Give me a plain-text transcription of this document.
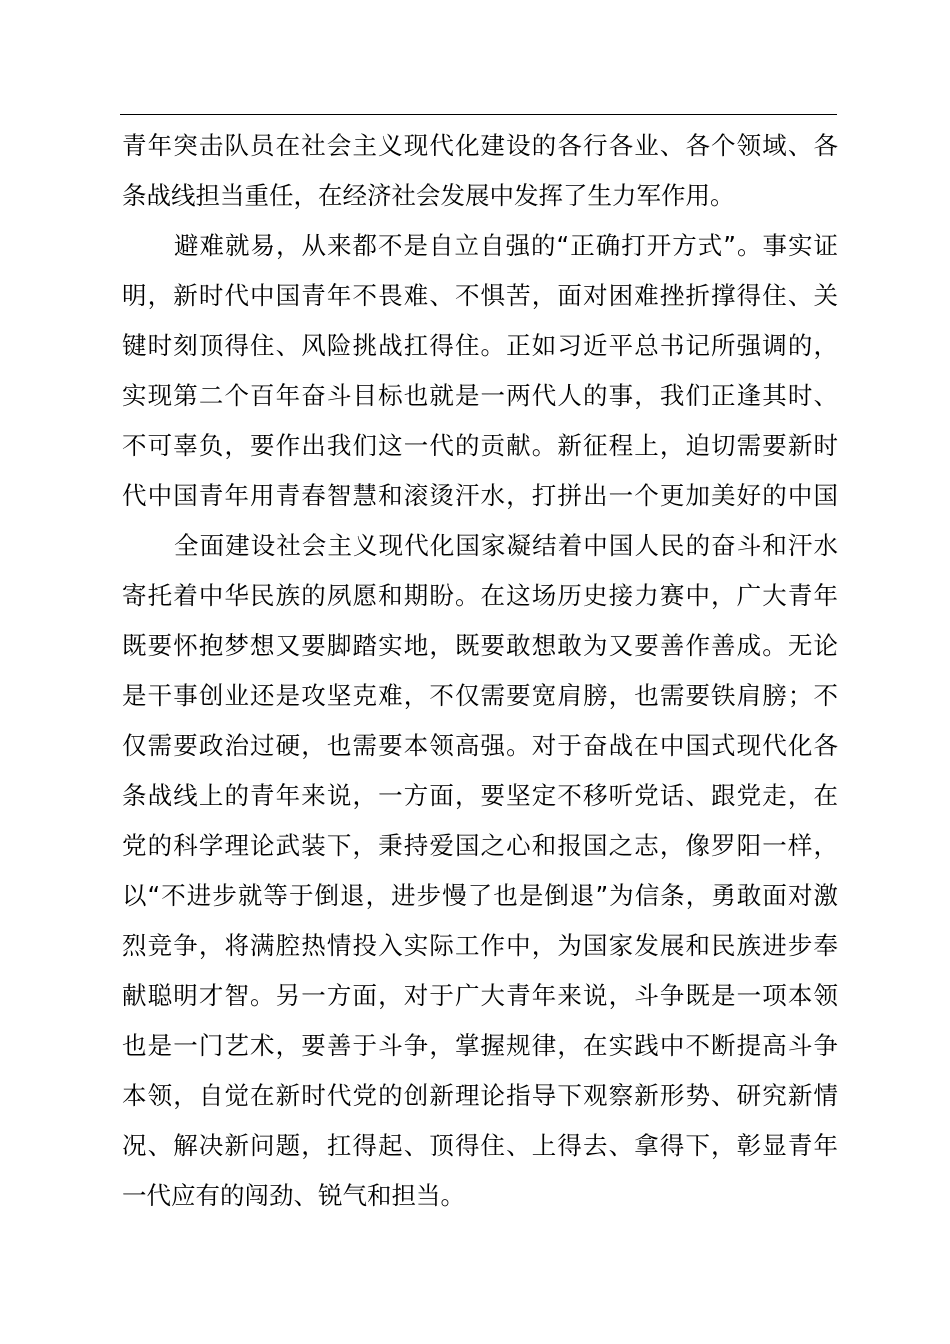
青年突击队员在社会主义现代化建设的各行各业、各个领域、各
条战线担当重任，在经济社会发展中发挥了生力军作用。
避难就易，从来都不是自立自强的“正确打开方式”。事实证
明，新时代中国青年不畏难、不惧苦，面对困难挫折撑得住、关
键时刻顶得住、风险挑战扛得住。正如习近平总书记所强调的，
实现第二个百年奋斗目标也就是一两代人的事，我们正逢其时、
不可辜负，要作出我们这一代的贡献。新征程上，迫切需要新时
代中国青年用青春智慧和滚烫汗水，打拼出一个更加美好的中国
全面建设社会主义现代化国家凝结着中国人民的奋斗和汗水
寄托着中华民族的夙愿和期盼。在这场历史接力赛中，广大青年
既要怀抱梦想又要脚踏实地，既要敢想敢为又要善作善成。无论
是干事创业还是攻坚克难，不仅需要宽肩膀，也需要铁肩膀；不
仅需要政治过硬，也需要本领高强。对于奋战在中国式现代化各
条战线上的青年来说，一方面，要坚定不移听党话、跟党走，在
党的科学理论武装下，秉持爱国之心和报国之志，像罗阳一样，
以“不进步就等于倒退，进步慢了也是倒退”为信条，勇敢面对激
烈竞争，将满腔热情投入实际工作中，为国家发展和民族进步奉
献聪明才智。另一方面，对于广大青年来说，斗争既是一项本领
也是一门艺术，要善于斗争，掌握规律，在实践中不断提高斗争
本领，自觉在新时代党的创新理论指导下观察新形势、研究新情
况、解决新问题，扛得起、顶得住、上得去、拿得下，彰显青年
一代应有的闯劲、锐气和担当。
